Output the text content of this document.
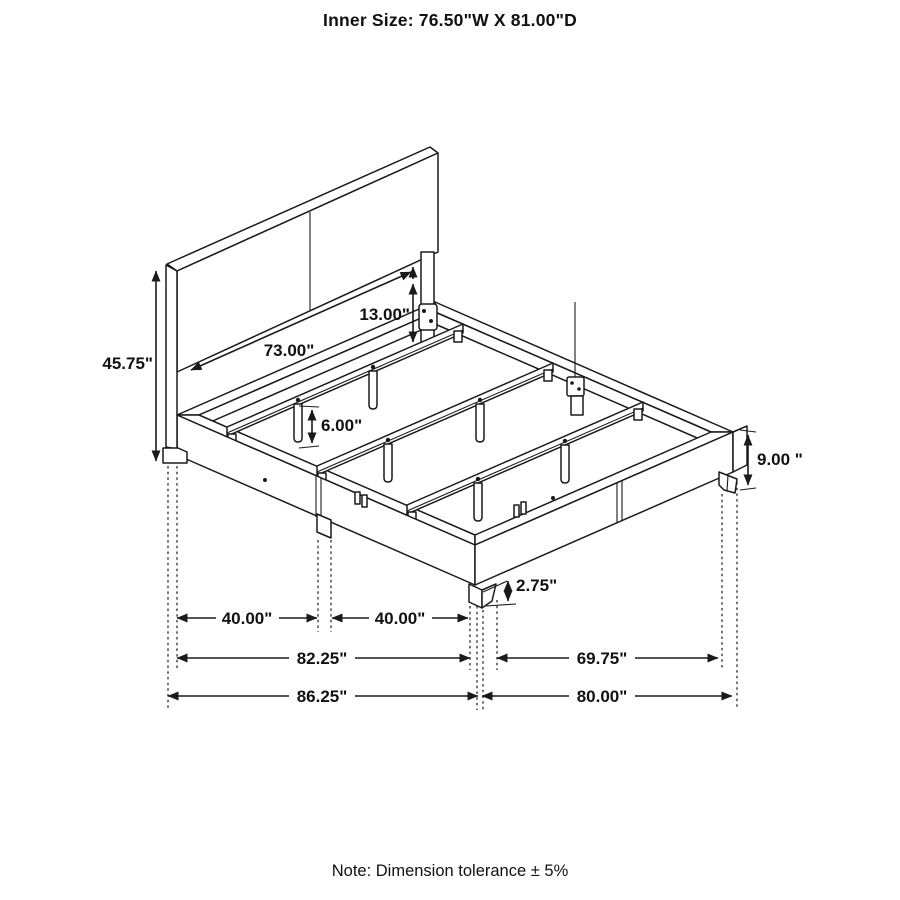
Inner Size: 76.50"W X 81.00"D
45.75"
73.00"
13.00"
6.00"
9.00 "
2.75"
40.00"	40.00"
82.25"	69.75"
86.25"	80.00"
Note: Dimension tolerance ± 5%
